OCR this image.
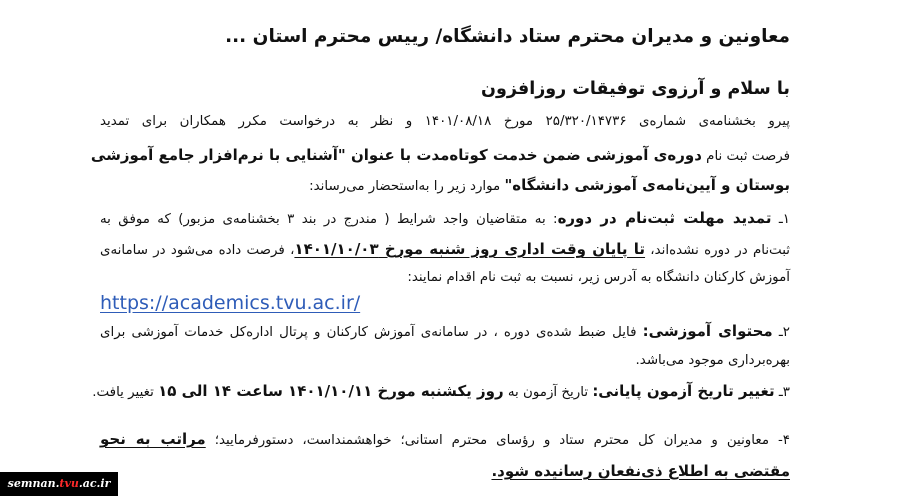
معاونین و مدیران محترم ستاد دانشگاه/ رییس محترم استان ...
با سلام و آرزوی توفیقات روزافزون
پیرو بخشنامه‌ی شماره‌ی ۲۵/۳۲۰/۱۴۷۳۶ مورخ ۱۴۰۱/۰۸/۱۸ و نظر به درخواست مکرر همکاران برای تمدید
فرصت ثبت نام دوره‌ی آموزشی ضمن خدمت کوتاه‌مدت با عنوان "آشنایی با نرم‌افزار جامع آموزشی
بوستان و آیین‌نامه‌ی آموزشی دانشگاه" موارد زیر را به‌استحضار می‌رساند:
۱ـ تمدید مهلت ثبت‌نام در دوره: به متقاضیان واجد شرایط ( مندرج در بند ۳ بخشنامه‌ی مزبور) که موفق به
ثبت‌نام در دوره نشده‌اند، تا پایان وقت اداری روز شنبه مورخ ۱۴۰۱/۱۰/۰۳، فرصت داده می‌شود در سامانه‌ی
آموزش کارکنان دانشگاه به آدرس زیر، نسبت به ثبت نام اقدام نمایند:
https://academics.tvu.ac.ir/
۲ـ محتوای آموزشی: فایل ضبط شده‌ی دوره ، در سامانه‌ی آموزش کارکنان و پرتال اداره‌کل خدمات آموزشی برای
بهره‌برداری موجود می‌باشد.
۳ـ تغییر تاریخ آزمون پایانی: تاریخ آزمون به روز یکشنبه مورخ ۱۴۰۱/۱۰/۱۱ ساعت ۱۴ الی ۱۵ تغییر یافت.
۴- معاونین و مدیران کل محترم ستاد و رؤسای محترم استانی؛ خواهشمنداست، دستورفرمایید؛ مراتب به نحو
مقتضی به اطلاع ذی‌نفعان رسانیده شود.
semnan.tvu.ac.ir
